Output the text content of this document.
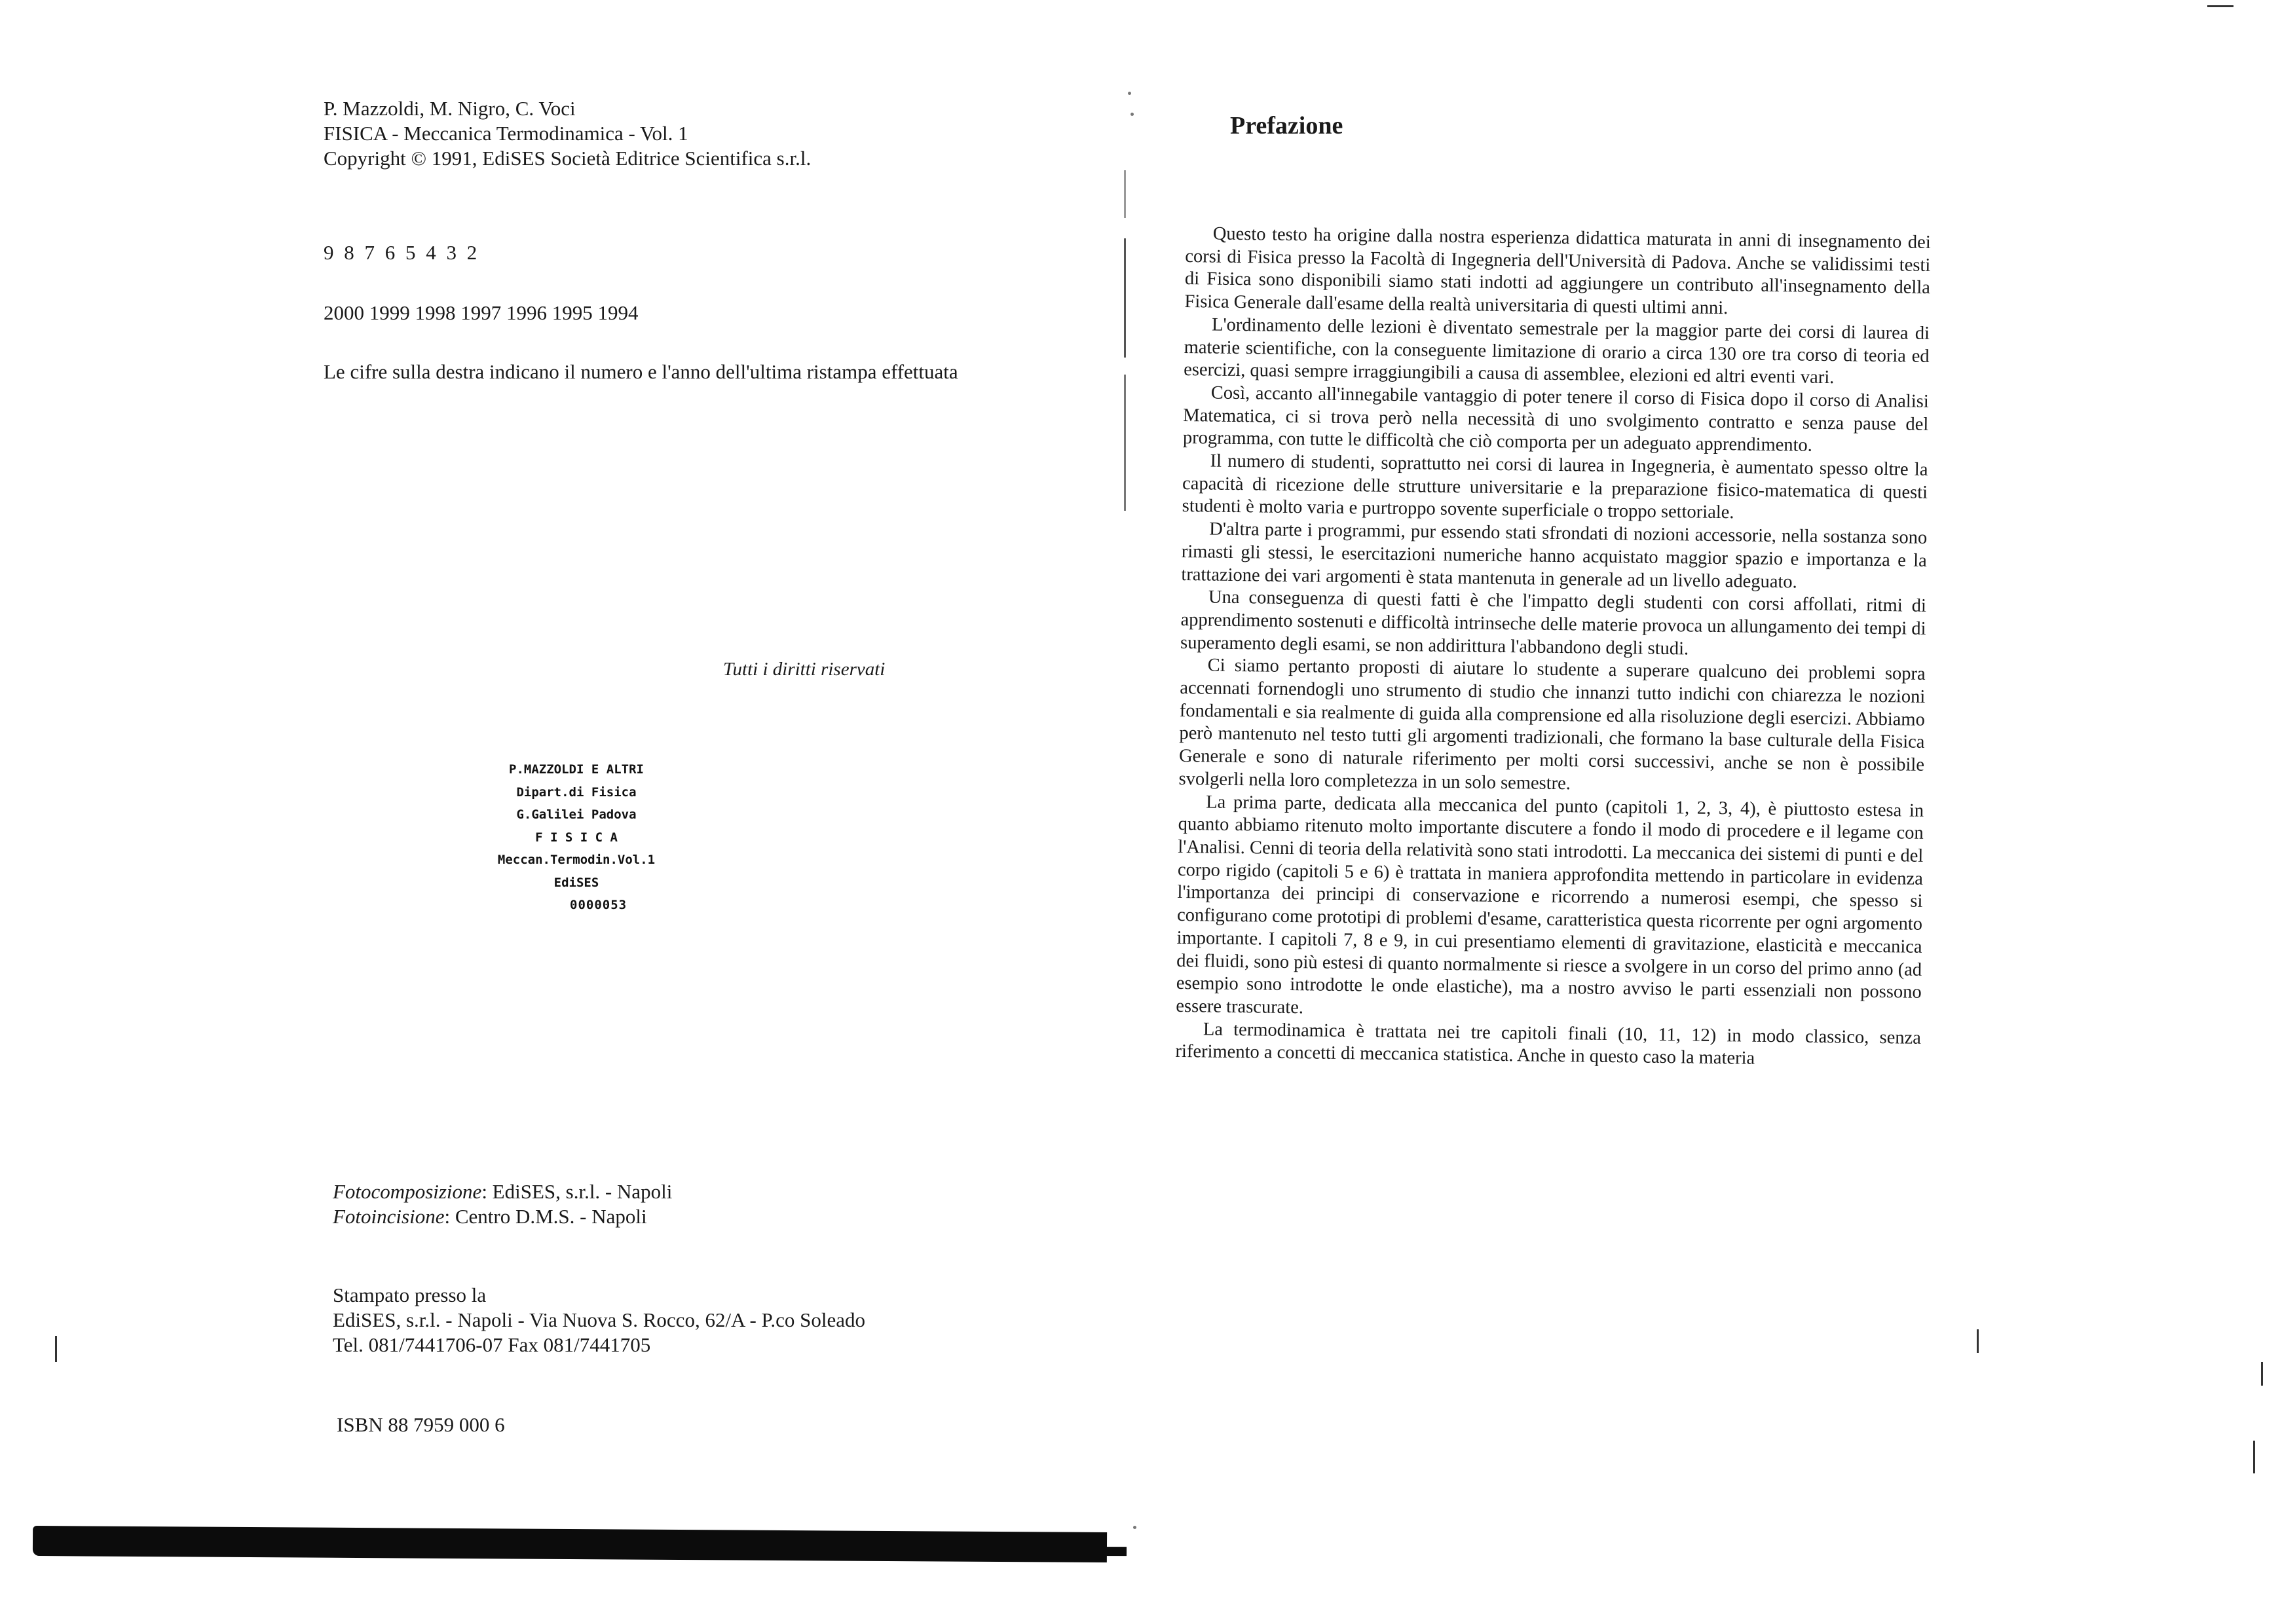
P. Mazzoldi, M. Nigro, C. Voci
FISICA - Meccanica Termodinamica - Vol. 1
Copyright © 1991, EdiSES Società Editrice Scientifica s.r.l.
9 8 7 6 5 4 3 2
2000 1999 1998 1997 1996 1995 1994
Le cifre sulla destra indicano il numero e l'anno dell'ultima ristampa effettuata
Tutti i diritti riservati
P.MAZZOLDI E ALTRI
Dipart.di Fisica
G.Galilei Padova
F I S I C A
Meccan.Termodin.Vol.1
EdiSES
0000053
Fotocomposizione: EdiSES, s.r.l. - Napoli
Fotoincisione: Centro D.M.S. - Napoli
Stampato presso la
EdiSES, s.r.l. - Napoli - Via Nuova S. Rocco, 62/A - P.co Soleado
Tel. 081/7441706-07 Fax 081/7441705
ISBN 88 7959 000 6
Prefazione

Questo testo ha origine dalla nostra esperienza didattica maturata in anni di insegnamento dei corsi di Fisica presso la Facoltà di Ingegneria dell'Università di Padova. Anche se validissimi testi di Fisica sono disponibili siamo stati indotti ad aggiungere un contributo all'insegnamento della Fisica Generale dall'esame della realtà universitaria di questi ultimi anni.

L'ordinamento delle lezioni è diventato semestrale per la maggior parte dei corsi di laurea di materie scientifiche, con la conseguente limitazione di orario a circa 130 ore tra corso di teoria ed esercizi, quasi sempre irraggiungibili a causa di assemblee, elezioni ed altri eventi vari.

Così, accanto all'innegabile vantaggio di poter tenere il corso di Fisica dopo il corso di Analisi Matematica, ci si trova però nella necessità di uno svolgimento contratto e senza pause del programma, con tutte le difficoltà che ciò comporta per un adeguato apprendimento.

Il numero di studenti, soprattutto nei corsi di laurea in Ingegneria, è aumentato spesso oltre la capacità di ricezione delle strutture universitarie e la preparazione fisico-matematica di questi studenti è molto varia e purtroppo sovente superficiale o troppo settoriale.

D'altra parte i programmi, pur essendo stati sfrondati di nozioni accessorie, nella sostanza sono rimasti gli stessi, le esercitazioni numeriche hanno acquistato maggior spazio e importanza e la trattazione dei vari argomenti è stata mantenuta in generale ad un livello adeguato.

Una conseguenza di questi fatti è che l'impatto degli studenti con corsi affollati, ritmi di apprendimento sostenuti e difficoltà intrinseche delle materie provoca un allungamento dei tempi di superamento degli esami, se non addirittura l'abbandono degli studi.

Ci siamo pertanto proposti di aiutare lo studente a superare qualcuno dei problemi sopra accennati fornendogli uno strumento di studio che innanzi tutto indichi con chiarezza le nozioni fondamentali e sia realmente di guida alla comprensione ed alla risoluzione degli esercizi. Abbiamo però mantenuto nel testo tutti gli argomenti tradizionali, che formano la base culturale della Fisica Generale e sono di naturale riferimento per molti corsi successivi, anche se non è possibile svolgerli nella loro completezza in un solo semestre.

La prima parte, dedicata alla meccanica del punto (capitoli 1, 2, 3, 4), è piuttosto estesa in quanto abbiamo ritenuto molto importante discutere a fondo il modo di procedere e il legame con l'Analisi. Cenni di teoria della relatività sono stati introdotti. La meccanica dei sistemi di punti e del corpo rigido (capitoli 5 e 6) è trattata in maniera approfondita mettendo in particolare in evidenza l'importanza dei principi di conservazione e ricorrendo a numerosi esempi, che spesso si configurano come prototipi di problemi d'esame, caratteristica questa ricorrente per ogni argomento importante. I capitoli 7, 8 e 9, in cui presentiamo elementi di gravitazione, elasticità e meccanica dei fluidi, sono più estesi di quanto normalmente si riesce a svolgere in un corso del primo anno (ad esempio sono introdotte le onde elastiche), ma a nostro avviso le parti essenziali non possono essere trascurate.

La termodinamica è trattata nei tre capitoli finali (10, 11, 12) in modo classico, senza riferimento a concetti di meccanica statistica. Anche in questo caso la materia
